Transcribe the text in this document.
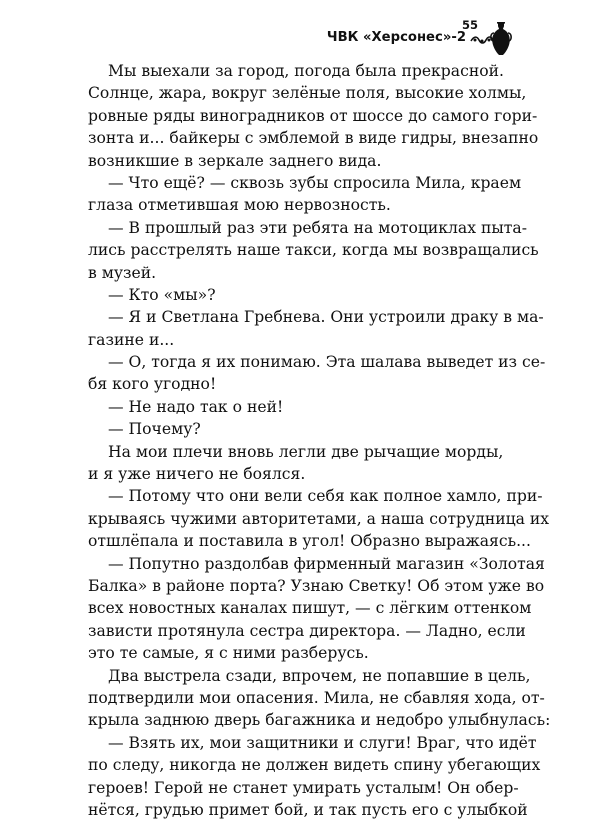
ЧВК «Херсонес»-2
55
Мы выехали за город, погода была прекрасной.
Солнце, жара, вокруг зелёные поля, высокие холмы,
ровные ряды виноградников от шоссе до самого гори-
зонта и... байкеры с эмблемой в виде гидры, внезапно
возникшие в зеркале заднего вида.
— Что ещё? — сквозь зубы спросила Мила, краем
глаза отметившая мою нервозность.
— В прошлый раз эти ребята на мотоциклах пыта-
лись расстрелять наше такси, когда мы возвращались
в музей.
— Кто «мы»?
— Я и Светлана Гребнева. Они устроили драку в ма-
газине и...
— О, тогда я их понимаю. Эта шалава выведет из се-
бя кого угодно!
— Не надо так о ней!
— Почему?
На мои плечи вновь легли две рычащие морды,
и я уже ничего не боялся.
— Потому что они вели себя как полное хамло, при-
крываясь чужими авторитетами, а наша сотрудница их
отшлёпала и поставила в угол! Образно выражаясь...
— Попутно раздолбав фирменный магазин «Золотая
Балка» в районе порта? Узнаю Светку! Об этом уже во
всех новостных каналах пишут, — с лёгким оттенком
зависти протянула сестра директора. — Ладно, если
это те самые, я с ними разберусь.
Два выстрела сзади, впрочем, не попавшие в цель,
подтвердили мои опасения. Мила, не сбавляя хода, от-
крыла заднюю дверь багажника и недобро улыбнулась:
— Взять их, мои защитники и слуги! Враг, что идёт
по следу, никогда не должен видеть спину убегающих
героев! Герой не станет умирать усталым! Он обер-
нётся, грудью примет бой, и так пусть его с улыбкой
